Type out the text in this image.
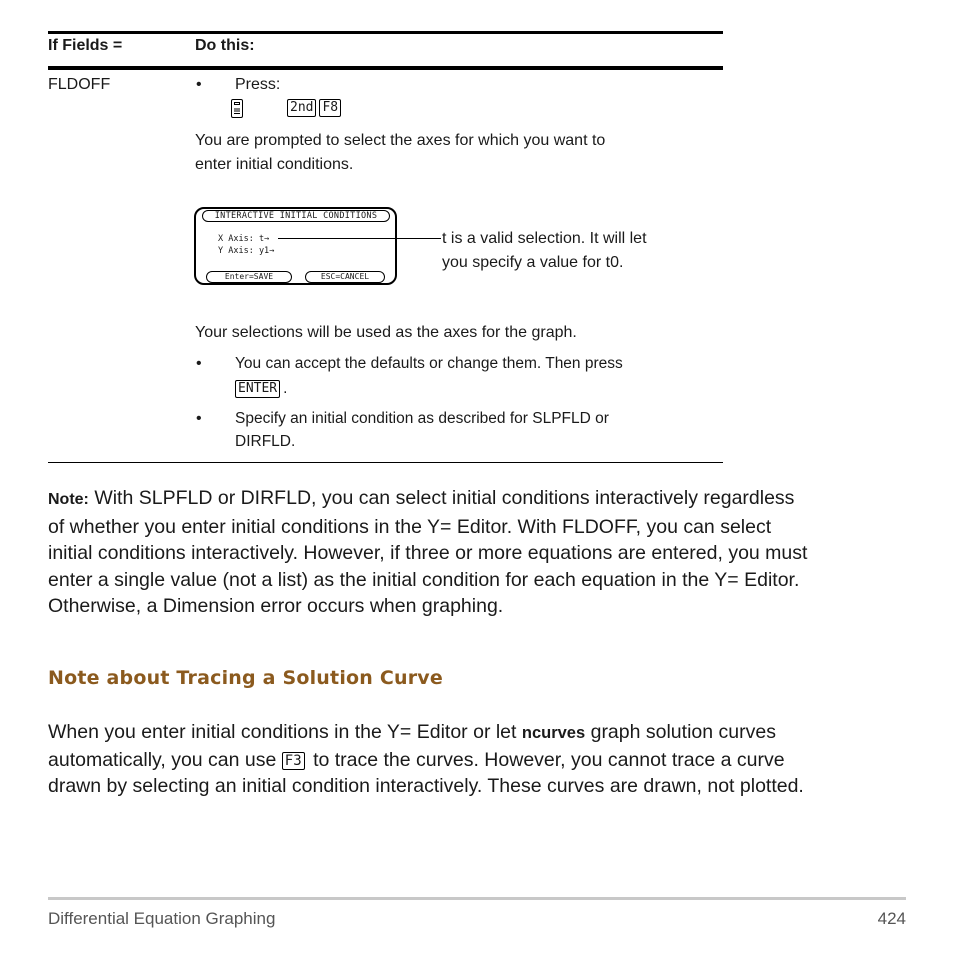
If Fields =	Do this:
FLDOFF	• Press:
2nd F8
You are prompted to select the axes for which you want to
enter initial conditions.
INTERACTIVE INITIAL CONDITIONS
X Axis: t→
Y Axis: y1→
Enter=SAVE	ESC=CANCEL
t is a valid selection. It will let
you specify a value for t0.
Your selections will be used as the axes for the graph.
• You can accept the defaults or change them. Then press
ENTER .
• Specify an initial condition as described for SLPFLD or
DIRFLD.
Note: With SLPFLD or DIRFLD, you can select initial conditions interactively regardless
of whether you enter initial conditions in the Y= Editor. With FLDOFF, you can select
initial conditions interactively. However, if three or more equations are entered, you must
enter a single value (not a list) as the initial condition for each equation in the Y= Editor.
Otherwise, a Dimension error occurs when graphing.
Note about Tracing a Solution Curve
When you enter initial conditions in the Y= Editor or let ncurves graph solution curves
automatically, you can use F3 to trace the curves. However, you cannot trace a curve
drawn by selecting an initial condition interactively. These curves are drawn, not plotted.
Differential Equation Graphing	424
